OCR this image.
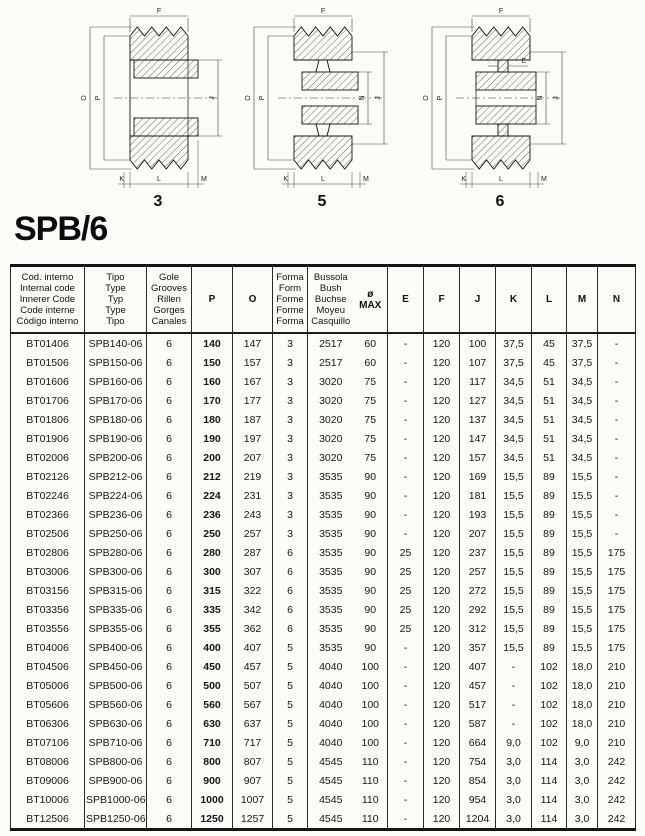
F
O P	J
K	L	M
3
F
O P	N J
K	L	M
5
F
E
O P	N J
K	L	M
6
SPB/6
Cod. interno
Internal code
Innerer Code
Code interne
Còdigo interno

Tipo
Type
Typ
Type
Tipo

Gole
Grooves
Rillen
Gorges
Canales
	P	O	
Forma
Form
Forme
Forme
Forma

Bussola
Bush
Buchse
Moyeu
Casquillo

ø
MAX	E	F	J	K	L	M	N
BT01406	SPB140-06	6	140	147	3	2517	60	-	120	100	37,5	45	37,5	-
BT01506	SPB150-06	6	150	157	3	2517	60	-	120	107	37,5	45	37,5	-
BT01606	SPB160-06	6	160	167	3	3020	75	-	120	117	34,5	51	34,5	-
BT01706	SPB170-06	6	170	177	3	3020	75	-	120	127	34,5	51	34,5	-
BT01806	SPB180-06	6	180	187	3	3020	75	-	120	137	34,5	51	34,5	-
BT01906	SPB190-06	6	190	197	3	3020	75	-	120	147	34,5	51	34,5	-
BT02006	SPB200-06	6	200	207	3	3020	75	-	120	157	34,5	51	34,5	-
BT02126	SPB212-06	6	212	219	3	3535	90	-	120	169	15,5	89	15,5	-
BT02246	SPB224-06	6	224	231	3	3535	90	-	120	181	15,5	89	15,5	-
BT02366	SPB236-06	6	236	243	3	3535	90	-	120	193	15,5	89	15,5	-
BT02506	SPB250-06	6	250	257	3	3535	90	-	120	207	15,5	89	15,5	-
BT02806	SPB280-06	6	280	287	6	3535	90	25	120	237	15,5	89	15,5	175
BT03006	SPB300-06	6	300	307	6	3535	90	25	120	257	15,5	89	15,5	175
BT03156	SPB315-06	6	315	322	6	3535	90	25	120	272	15,5	89	15,5	175
BT03356	SPB335-06	6	335	342	6	3535	90	25	120	292	15,5	89	15,5	175
BT03556	SPB355-06	6	355	362	6	3535	90	25	120	312	15,5	89	15,5	175
BT04006	SPB400-06	6	400	407	5	3535	90	-	120	357	15,5	89	15,5	175
BT04506	SPB450-06	6	450	457	5	4040	100	-	120	407	-	102	18,0	210
BT05006	SPB500-06	6	500	507	5	4040	100	-	120	457	-	102	18,0	210
BT05606	SPB560-06	6	560	567	5	4040	100	-	120	517	-	102	18,0	210
BT06306	SPB630-06	6	630	637	5	4040	100	-	120	587	-	102	18,0	210
BT07106	SPB710-06	6	710	717	5	4040	100	-	120	664	9,0	102	9,0	210
BT08006	SPB800-06	6	800	807	5	4545	110	-	120	754	3,0	114	3,0	242
BT09006	SPB900-06	6	900	907	5	4545	110	-	120	854	3,0	114	3,0	242
BT10006	SPB1000-06	6	1000	1007	5	4545	110	-	120	954	3,0	114	3,0	242
BT12506	SPB1250-06	6	1250	1257	5	4545	110	-	120	1204	3,0	114	3,0	242
